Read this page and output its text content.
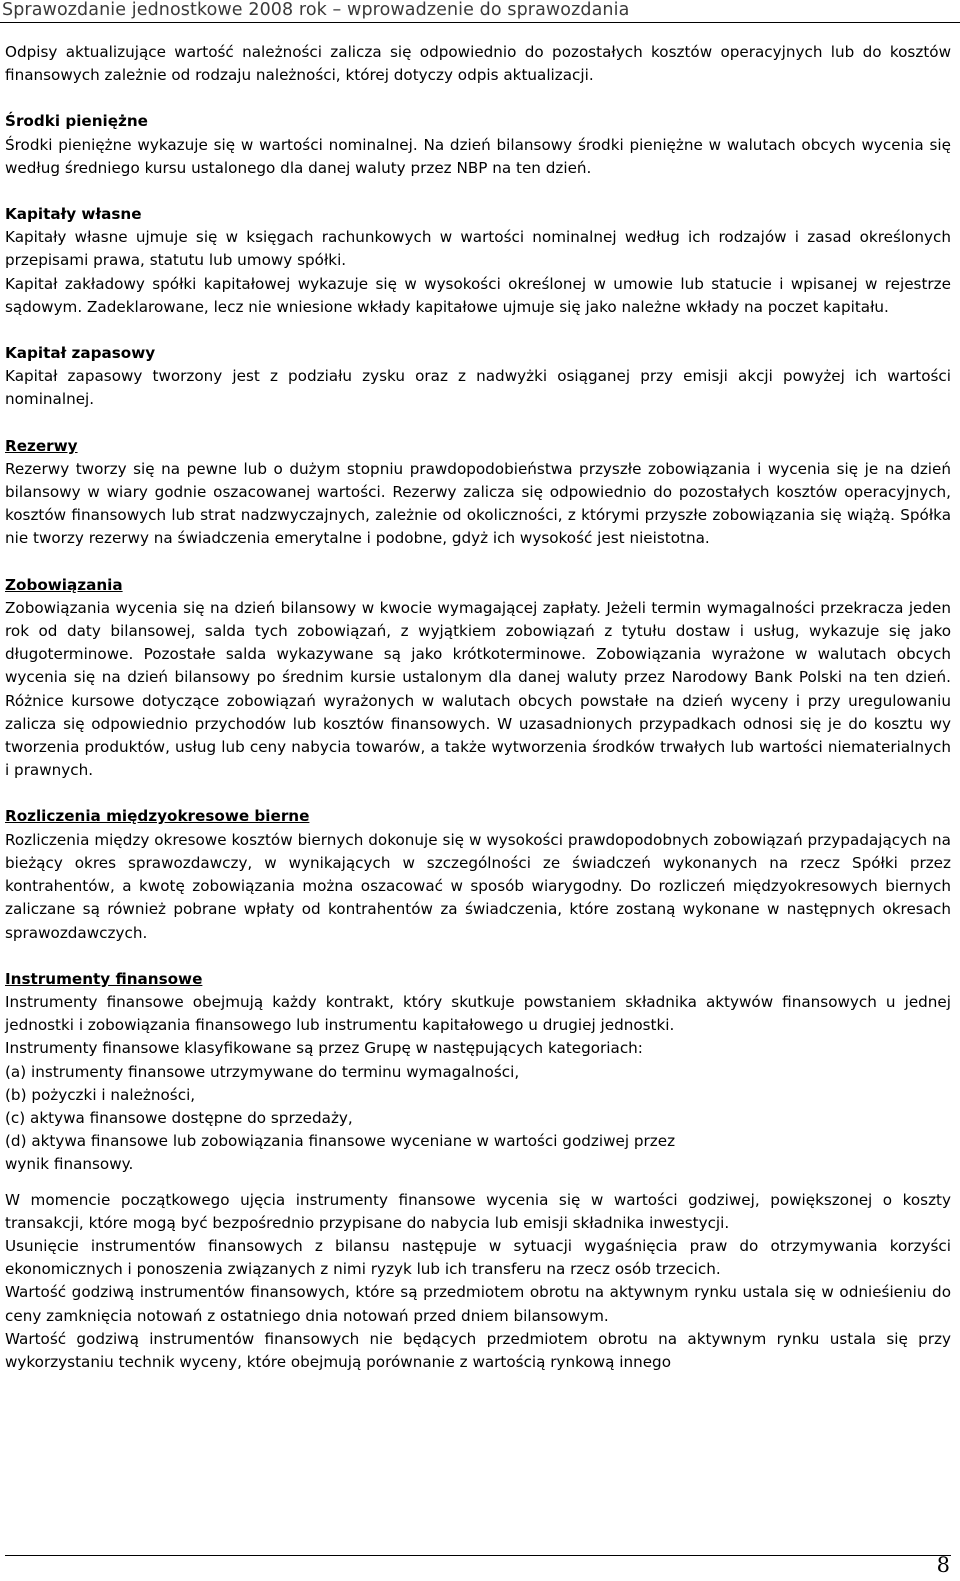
Sprawozdanie jednostkowe 2008 rok – wprowadzenie do sprawozdania

Odpisy aktualizujące wartość należności zalicza się odpowiednio do pozostałych kosztów operacyjnych lub do kosztów finansowych zależnie od rodzaju należności, której dotyczy odpis aktualizacji.

Środki pieniężne

Środki pieniężne wykazuje się w wartości nominalnej. Na dzień bilansowy środki pieniężne w walutach obcych wycenia się według średniego kursu ustalonego dla danej waluty przez NBP na ten dzień.

Kapitały własne

Kapitały własne ujmuje się w księgach rachunkowych w wartości nominalnej według ich rodzajów i zasad określonych przepisami prawa, statutu lub umowy spółki.

Kapitał zakładowy spółki kapitałowej wykazuje się w wysokości określonej w umowie lub statucie i wpisanej w rejestrze sądowym. Zadeklarowane, lecz nie wniesione wkłady kapitałowe ujmuje się jako należne wkłady na poczet kapitału.

Kapitał zapasowy

Kapitał zapasowy tworzony jest z podziału zysku oraz z nadwyżki osiąganej przy emisji akcji powyżej ich wartości nominalnej.

Rezerwy

Rezerwy tworzy się na pewne lub o dużym stopniu prawdopodobieństwa przyszłe zobowiązania i wycenia się je na dzień bilansowy w wiary godnie oszacowanej wartości. Rezerwy zalicza się odpowiednio do pozostałych kosztów operacyjnych, kosztów finansowych lub strat nadzwyczajnych, zależnie od okoliczności, z którymi przyszłe zobowiązania się wiążą. Spółka nie tworzy rezerwy na świadczenia emerytalne i podobne, gdyż ich wysokość jest nieistotna.

Zobowiązania

Zobowiązania wycenia się na dzień bilansowy w kwocie wymagającej zapłaty. Jeżeli termin wymagalności przekracza jeden rok od daty bilansowej, salda tych zobowiązań, z wyjątkiem zobowiązań z tytułu dostaw i usług, wykazuje się jako długoterminowe. Pozostałe salda wykazywane są jako krótkoterminowe. Zobowiązania wyrażone w walutach obcych wycenia się na dzień bilansowy po średnim kursie ustalonym dla danej waluty przez Narodowy Bank Polski na ten dzień. Różnice kursowe dotyczące zobowiązań wyrażonych w walutach obcych powstałe na dzień wyceny i przy uregulowaniu zalicza się odpowiednio przychodów lub kosztów finansowych. W uzasadnionych przypadkach odnosi się je do kosztu wy tworzenia produktów, usług lub ceny nabycia towarów, a także wytworzenia środków trwałych lub wartości niematerialnych i prawnych.

Rozliczenia międzyokresowe bierne

Rozliczenia między okresowe kosztów biernych dokonuje się w wysokości prawdopodobnych zobowiązań przypadających na bieżący okres sprawozdawczy, w wynikających w szczególności ze świadczeń wykonanych na rzecz Spółki przez kontrahentów, a kwotę zobowiązania można oszacować w sposób wiarygodny. Do rozliczeń międzyokresowych biernych zaliczane są również pobrane wpłaty od kontrahentów za świadczenia, które zostaną wykonane w następnych okresach sprawozdawczych.

Instrumenty finansowe

Instrumenty finansowe obejmują każdy kontrakt, który skutkuje powstaniem składnika aktywów finansowych u jednej jednostki i zobowiązania finansowego lub instrumentu kapitałowego u drugiej jednostki.

Instrumenty finansowe klasyfikowane są przez Grupę w następujących kategoriach:

(a) instrumenty finansowe utrzymywane do terminu wymagalności,
(b) pożyczki i należności,
(c) aktywa finansowe dostępne do sprzedaży,
(d) aktywa finansowe lub zobowiązania finansowe wyceniane w wartości godziwej przez
wynik finansowy.

W momencie początkowego ujęcia instrumenty finansowe wycenia się w wartości godziwej, powiększonej o koszty transakcji, które mogą być bezpośrednio przypisane do nabycia lub emisji składnika inwestycji.

Usunięcie instrumentów finansowych z bilansu następuje w sytuacji wygaśnięcia praw do otrzymywania korzyści ekonomicznych i ponoszenia związanych z nimi ryzyk lub ich transferu na rzecz osób trzecich.

Wartość godziwą instrumentów finansowych, które są przedmiotem obrotu na aktywnym rynku ustala się w odnieśieniu do ceny zamknięcia notowań z ostatniego dnia notowań przed dniem bilansowym.

Wartość godziwą instrumentów finansowych nie będących przedmiotem obrotu na aktywnym rynku ustala się przy wykorzystaniu technik wyceny, które obejmują porównanie z wartością rynkową innego

8
